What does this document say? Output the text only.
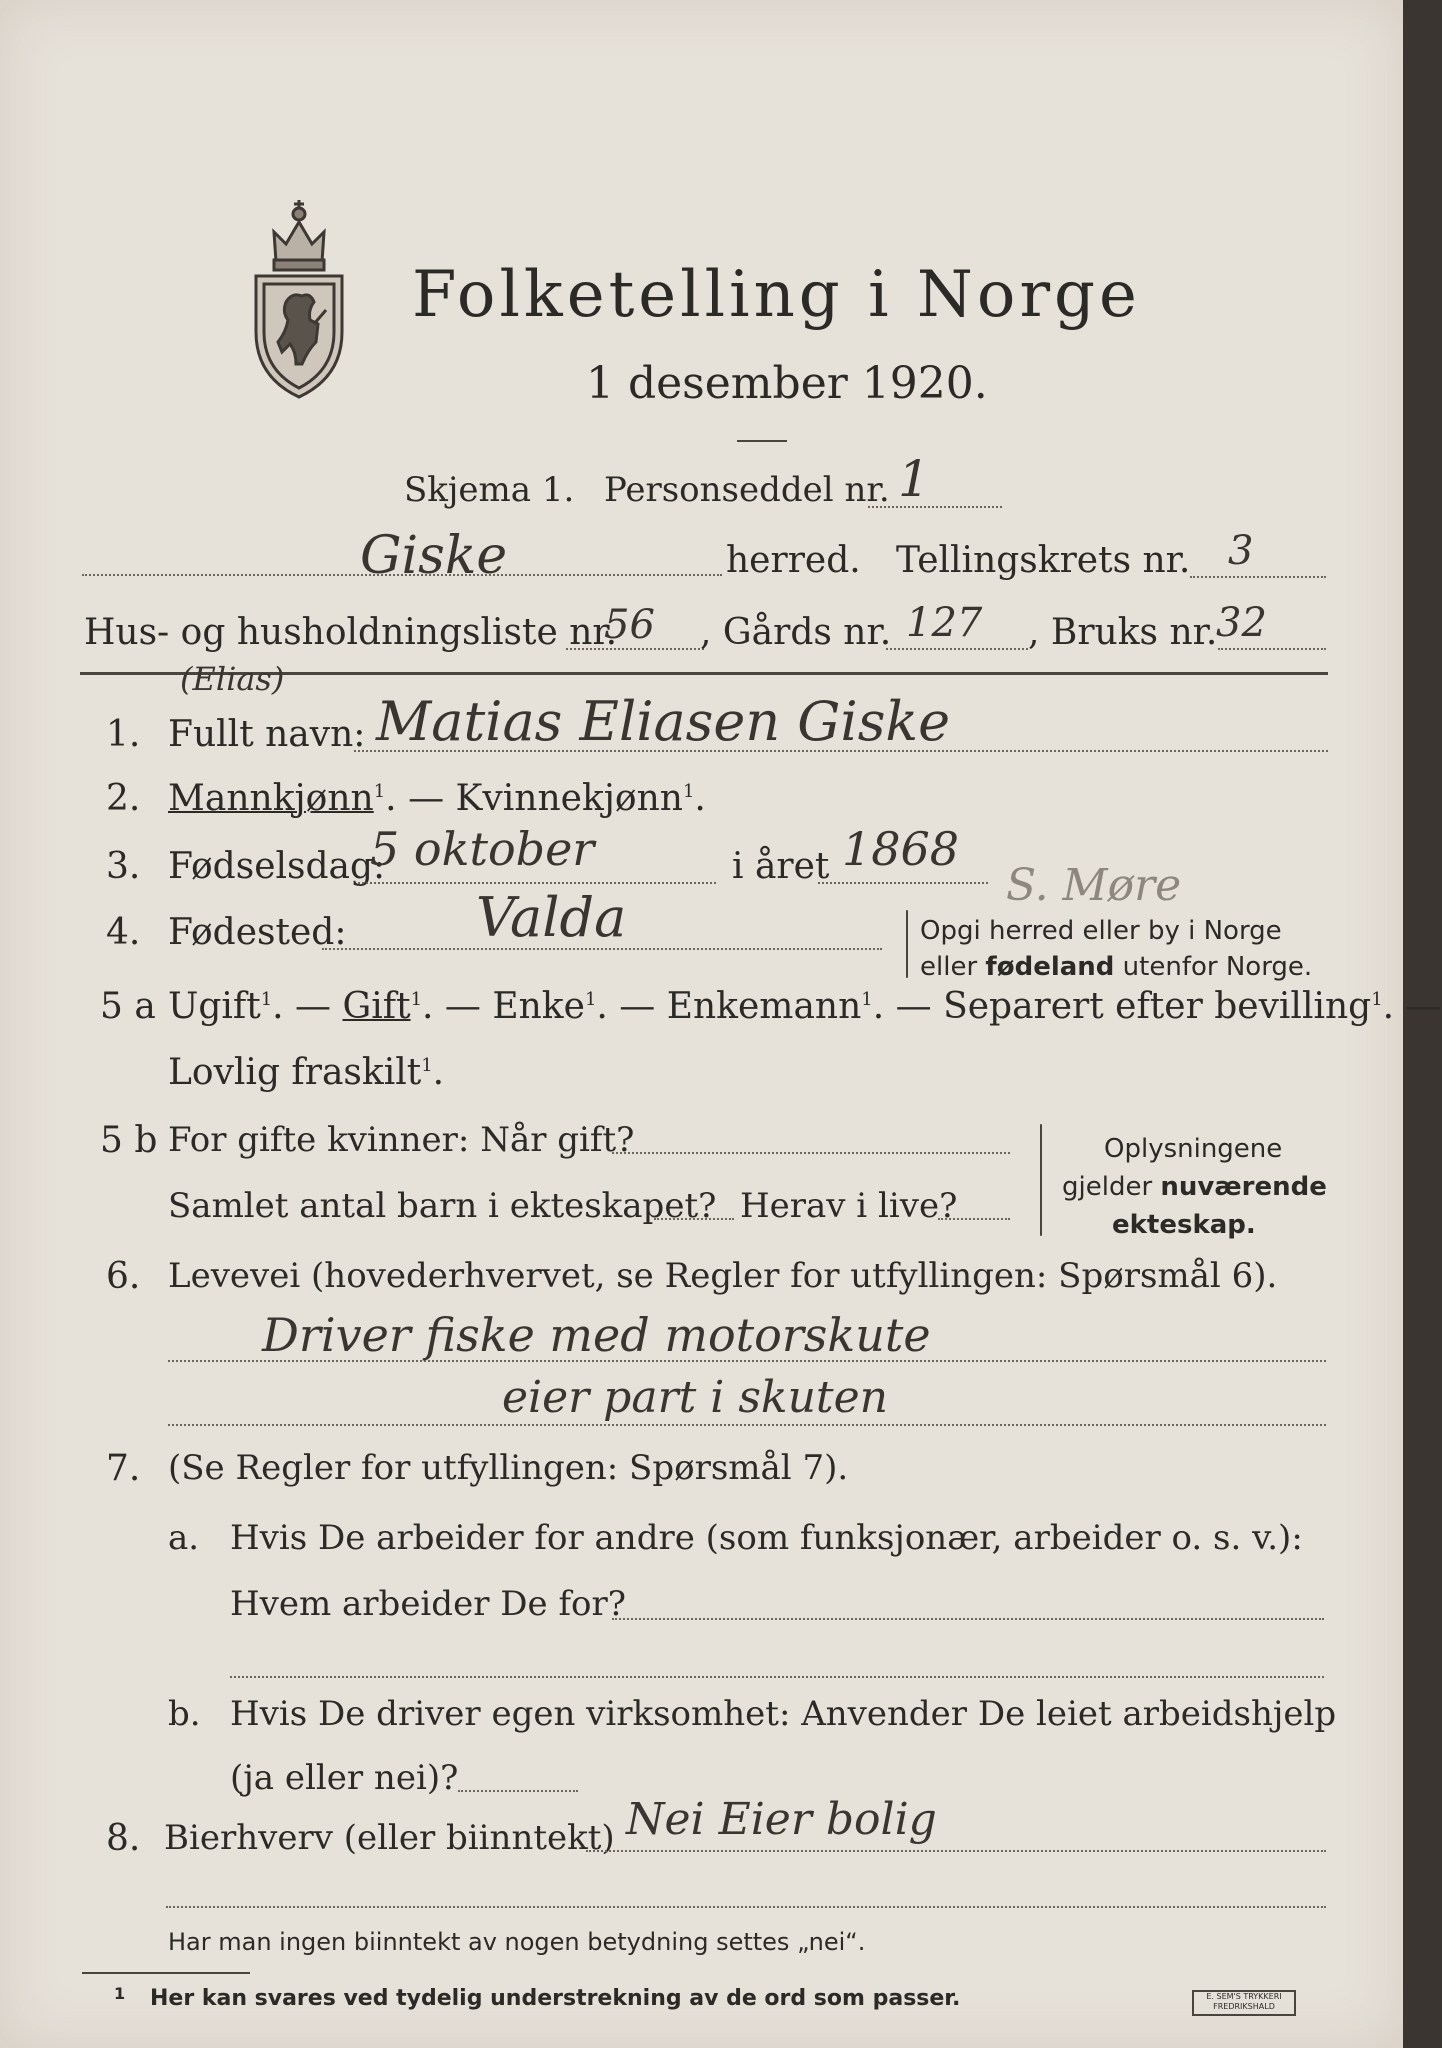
Folketelling i Norge
1 desember 1920.
Skjema 1. Personseddel nr. 1
Giske	herred. Tellingskrets nr. 3
Hus- og husholdningsliste nr.
56 , Gårds nr. 127 , Bruks nr.
32
1. Fullt navn:
(Elias)
Matias Eliasen Giske
2. Mannkjønn$^1$. — Kvinnekjønn$^1$.
3. Fødselsdag:
5 oktober	i året 1868
S. Møre
4. Fødested: Valda	Opgi herred eller by i Norge
eller fødeland utenfor Norge.
5 a Ugift$^1$. — Gift$^1$. — Enke$^1$. — Enkemann$^1$. — Separert efter bevilling$^1$. —
Lovlig fraskilt$^1$.
5 b For gifte kvinner: Når gift?
Samlet antal barn i ekteskapet? Herav i live?
Oplysningene
gjelder nuværende
ekteskap.
6. Levevei (hovederhvervet, se Regler for utfyllingen: Spørsmål 6).
Driver fiske med motorskute
eier part i skuten
7. (Se Regler for utfyllingen: Spørsmål 7).
a. Hvis De arbeider for andre (som funksjonær, arbeider o. s. v.):
Hvem arbeider De for?
b. Hvis De driver egen virksomhet: Anvender De leiet arbeidshjelp
(ja eller nei)?
8. Bierhverv (eller biinntekt) Nei Eier bolig
Har man ingen biinntekt av nogen betydning settes „nei“.
1 Her kan svares ved tydelig understrekning av de ord som passer.	E. SEM'S TRYKKERI FREDRIKSHALD
